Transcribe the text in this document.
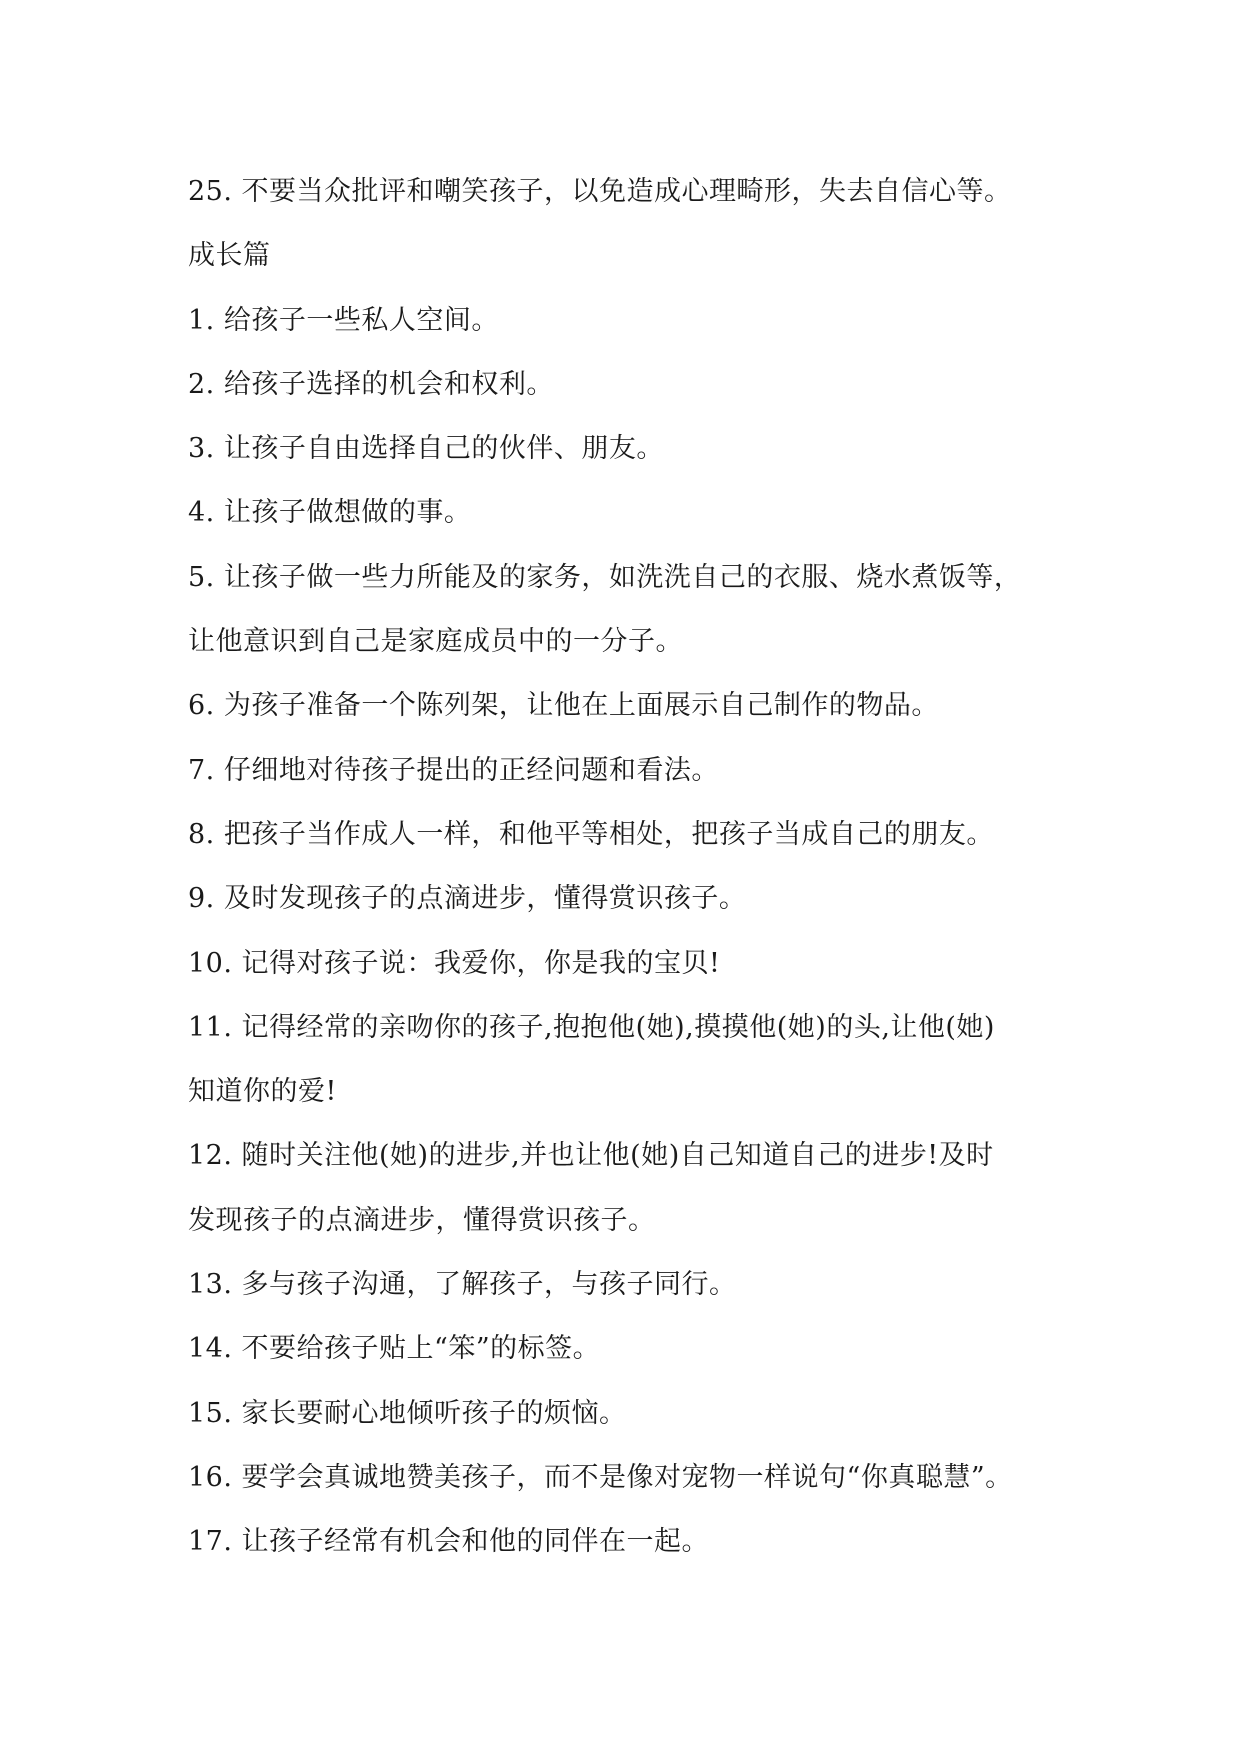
25. 不要当众批评和嘲笑孩子，以免造成心理畸形，失去自信心等。
成长篇
1. 给孩子一些私人空间。
2. 给孩子选择的机会和权利。
3. 让孩子自由选择自己的伙伴、朋友。
4. 让孩子做想做的事。
5. 让孩子做一些力所能及的家务，如洗洗自己的衣服、烧水煮饭等，
让他意识到自己是家庭成员中的一分子。
6. 为孩子准备一个陈列架，让他在上面展示自己制作的物品。
7. 仔细地对待孩子提出的正经问题和看法。
8. 把孩子当作成人一样，和他平等相处，把孩子当成自己的朋友。
9. 及时发现孩子的点滴进步，懂得赏识孩子。
10. 记得对孩子说：我爱你，你是我的宝贝!
11. 记得经常的亲吻你的孩子,抱抱他(她),摸摸他(她)的头,让他(她)
知道你的爱!
12. 随时关注他(她)的进步,并也让他(她)自己知道自己的进步!及时
发现孩子的点滴进步，懂得赏识孩子。
13. 多与孩子沟通，了解孩子，与孩子同行。
14. 不要给孩子贴上“笨”的标签。
15. 家长要耐心地倾听孩子的烦恼。
16. 要学会真诚地赞美孩子，而不是像对宠物一样说句“你真聪慧”。
17. 让孩子经常有机会和他的同伴在一起。
